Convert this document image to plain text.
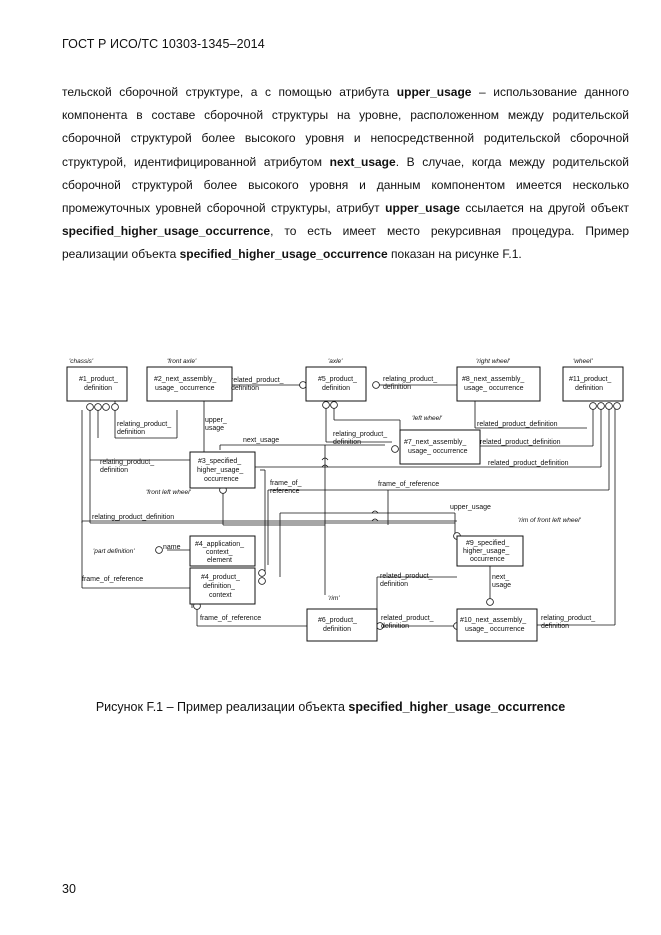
ГОСТ Р ИСО/ТС 10303-1345–2014

тельской сборочной структуре, а с помощью атрибута upper_usage – использование данного компонента в составе сборочной структуры на уровне, расположенном между родительской сборочной структурой более высокого уровня и непосредственной родительской сборочной структурой, идентифицированной атрибутом next_usage. В случае, когда между родительской сборочной структурой более высокого уровня и данным компонентом имеется несколько промежуточных уровней сборочной структуры, атрибут upper_usage ссылается на другой объект specified_higher_usage_occurrence, то есть имеет место рекурсивная процедура. Пример реализации объекта specified_higher_usage_occurrence показан на рисунке F.1.

'chassis'	'front axle'	'axle'	'right wheel'	'wheel'
'left wheel'
'front left wheel'
'rim of front left wheel'
'part definition'
'rim'
#1_product_
definition
#2_next_assembly_
usage_ occurrence
#5_product_
definition
#8_next_assembly_
usage_ occurrence
#11_product_
definition
#7_next_assembly_
usage_ occurrence
#3_specified_
higher_usage_
occurrence
#4_application_
context_
element
#4_product_
definition_
context
#9_specified_
higher_usage_
occurrence
#6_product_
definition
#10_next_assembly_
usage_ occurrence
related_product_
definition
relating_product_
definition
relating_product_
definition
upper_
usage
related_product_definition
related_product_definition
related_product_definition
relating_product_
definition
next_usage
relating_product_
definition
frame_of_
reference
frame_of_reference
upper_usage
relating_product_definition
name
frame_of_reference	related_product_
definition
next_
usage
frame_of_reference	related_product_
definition
relating_product_
definition
Рисунок F.1 – Пример реализации объекта specified_higher_usage_occurrence
30
